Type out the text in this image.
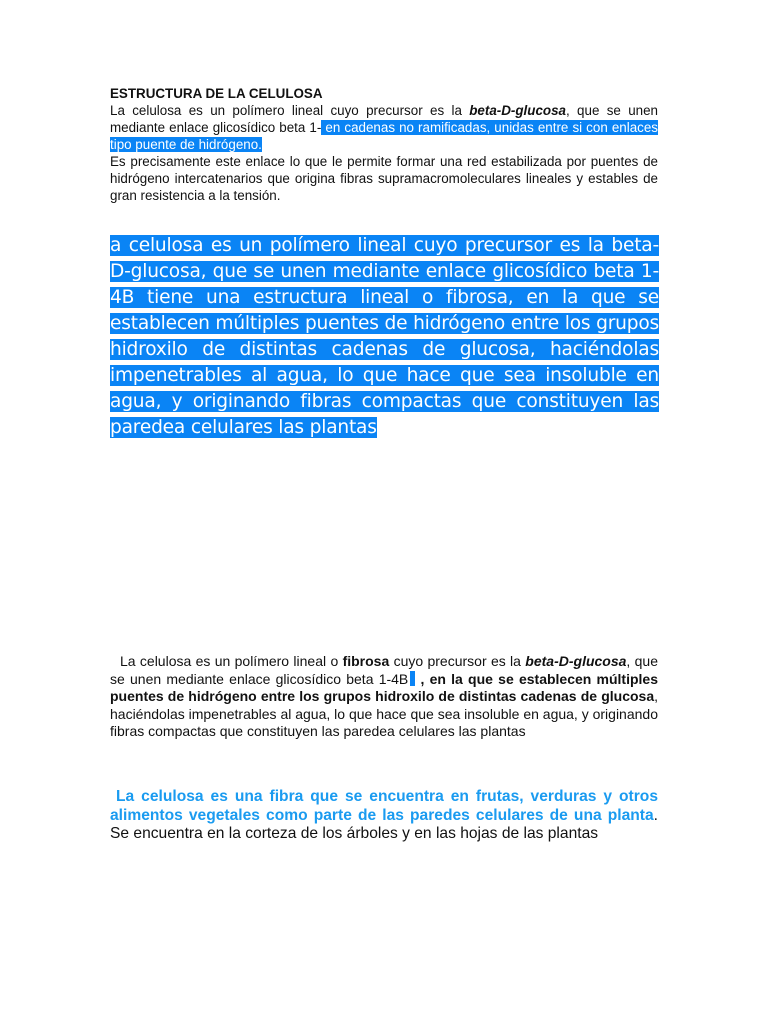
ESTRUCTURA DE LA CELULOSA
La celulosa es un polímero lineal cuyo precursor es la beta-D-glucosa, que se unen mediante enlace glicosídico beta 1- en cadenas no ramificadas, unidas entre si con enlaces tipo puente de hidrógeno.
Es precisamente este enlace lo que le permite formar una red estabilizada por puentes de hidrógeno intercatenarios que origina fibras supramacromoleculares lineales y estables de gran resistencia a la tensión.
a celulosa es un polímero lineal cuyo precursor es la beta-D-glucosa, que se unen mediante enlace glicosídico beta 1-4B tiene una estructura lineal o fibrosa, en la que se establecen múltiples puentes de hidrógeno entre los grupos hidroxilo de distintas cadenas de glucosa, haciéndolas impenetrables al agua, lo que hace que sea insoluble en agua, y originando fibras compactas que constituyen las paredea celulares las plantas
La celulosa es un polímero lineal o fibrosa cuyo precursor es la beta-D-glucosa, que se unen mediante enlace glicosídico beta 1-4B , en la que se establecen múltiples puentes de hidrógeno entre los grupos hidroxilo de distintas cadenas de glucosa, haciéndolas impenetrables al agua, lo que hace que sea insoluble en agua, y originando fibras compactas que constituyen las paredea celulares las plantas
La celulosa es una fibra que se encuentra en frutas, verduras y otros alimentos vegetales como parte de las paredes celulares de una planta. Se encuentra en la corteza de los árboles y en las hojas de las plantas
